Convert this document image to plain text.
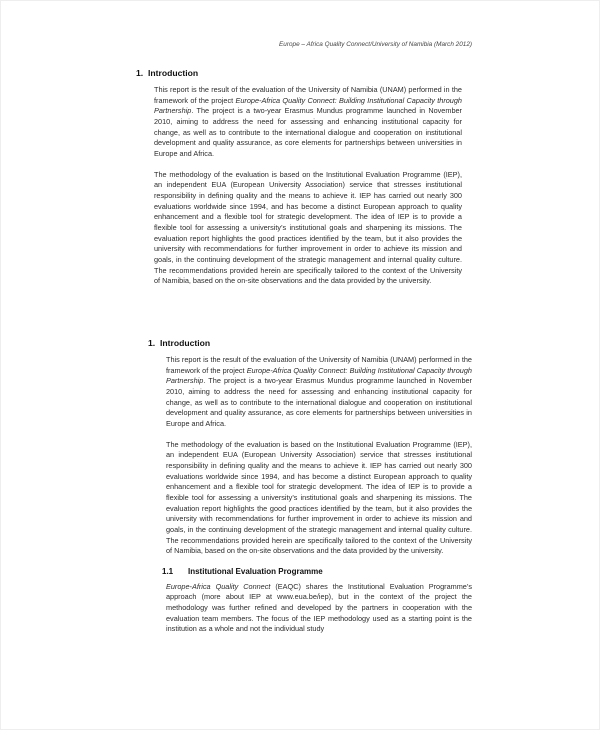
Europe – Africa Quality Connect/University of Namibia (March 2012)
1. Introduction

This report is the result of the evaluation of the University of Namibia (UNAM) performed in the framework of the project Europe-Africa Quality Connect: Building Institutional Capacity through Partnership. The project is a two-year Erasmus Mundus programme launched in November 2010, aiming to address the need for assessing and enhancing institutional capacity for change, as well as to contribute to the international dialogue and cooperation on institutional development and quality assurance, as core elements for partnerships between universities in Europe and Africa.

The methodology of the evaluation is based on the Institutional Evaluation Programme (IEP), an independent EUA (European University Association) service that stresses institutional responsibility in defining quality and the means to achieve it. IEP has carried out nearly 300 evaluations worldwide since 1994, and has become a distinct European approach to quality enhancement and a flexible tool for strategic development. The idea of IEP is to provide a flexible tool for assessing a university’s institutional goals and sharpening its missions. The evaluation report highlights the good practices identified by the team, but it also provides the university with recommendations for further improvement in order to achieve its mission and goals, in the continuing development of the strategic management and internal quality culture. The recommendations provided herein are specifically tailored to the context of the University of Namibia, based on the on-site observations and the data provided by the university.

1. Introduction

This report is the result of the evaluation of the University of Namibia (UNAM) performed in the framework of the project Europe-Africa Quality Connect: Building Institutional Capacity through Partnership. The project is a two-year Erasmus Mundus programme launched in November 2010, aiming to address the need for assessing and enhancing institutional capacity for change, as well as to contribute to the international dialogue and cooperation on institutional development and quality assurance, as core elements for partnerships between universities in Europe and Africa.

The methodology of the evaluation is based on the Institutional Evaluation Programme (IEP), an independent EUA (European University Association) service that stresses institutional responsibility in defining quality and the means to achieve it. IEP has carried out nearly 300 evaluations worldwide since 1994, and has become a distinct European approach to quality enhancement and a flexible tool for strategic development. The idea of IEP is to provide a flexible tool for assessing a university’s institutional goals and sharpening its missions. The evaluation report highlights the good practices identified by the team, but it also provides the university with recommendations for further improvement in order to achieve its mission and goals, in the continuing development of the strategic management and internal quality culture. The recommendations provided herein are specifically tailored to the context of the University of Namibia, based on the on-site observations and the data provided by the university.

1.1 Institutional Evaluation Programme

Europe-Africa Quality Connect (EAQC) shares the Institutional Evaluation Programme’s approach (more about IEP at www.eua.be/iep), but in the context of the project the methodology was further refined and developed by the partners in cooperation with the evaluation team members. The focus of the IEP methodology used as a starting point is the institution as a whole and not the individual study
